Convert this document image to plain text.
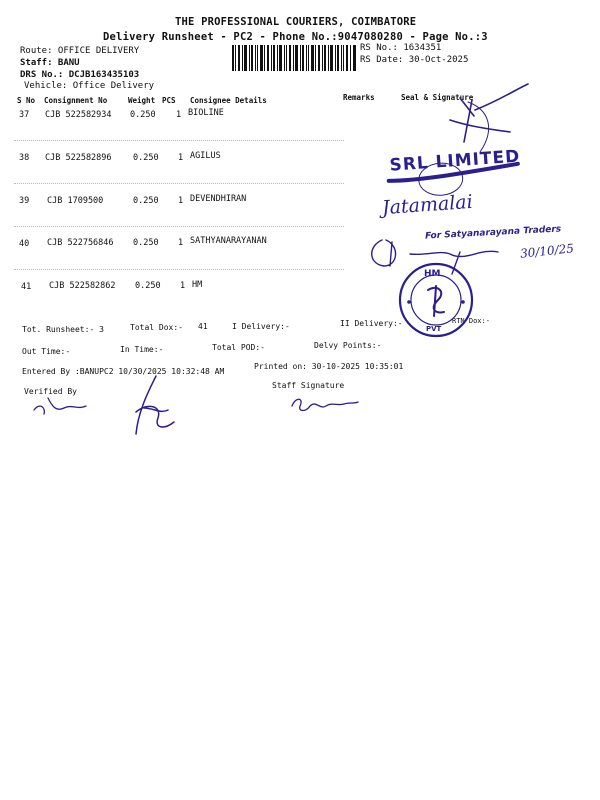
THE PROFESSIONAL COURIERS, COIMBATORE
Delivery Runsheet - PC2 - Phone No.:9047080280 - Page No.:3
Route: OFFICE DELIVERY
Staff: BANU
DRS No.: DCJB163435103
Vehicle: Office Delivery
RS No.: 1634351
RS Date: 30-Oct-2025
S No Consignment No	Weight PCS Consignee Details	Remarks	Seal & Signature
37 CJB 522582934 0.250 1 BIOLINE
38 CJB 522582896	0.250 1 AGILUS
39 CJB 1709500	0.250 1 DEVENDHIRAN
40 CJB 522756846 0.250 1 SATHYANARAYANAN
41 CJB 522582862 0.250 1 HM
Tot. Runsheet:- 3	Total Dox:- 41	I Delivery:-	II Delivery:-	RTN Dox:-
Out Time:-	In Time:-	Total POD:-	Delvy Points:-
Entered By :BANUPC2 10/30/2025 10:32:48 AM
Printed on: 30-10-2025 10:35:01
Verified By
Staff Signature
SRL LIMITED
Jatamalai
For Satyanarayana Traders
30/10/25
HM
PVT
